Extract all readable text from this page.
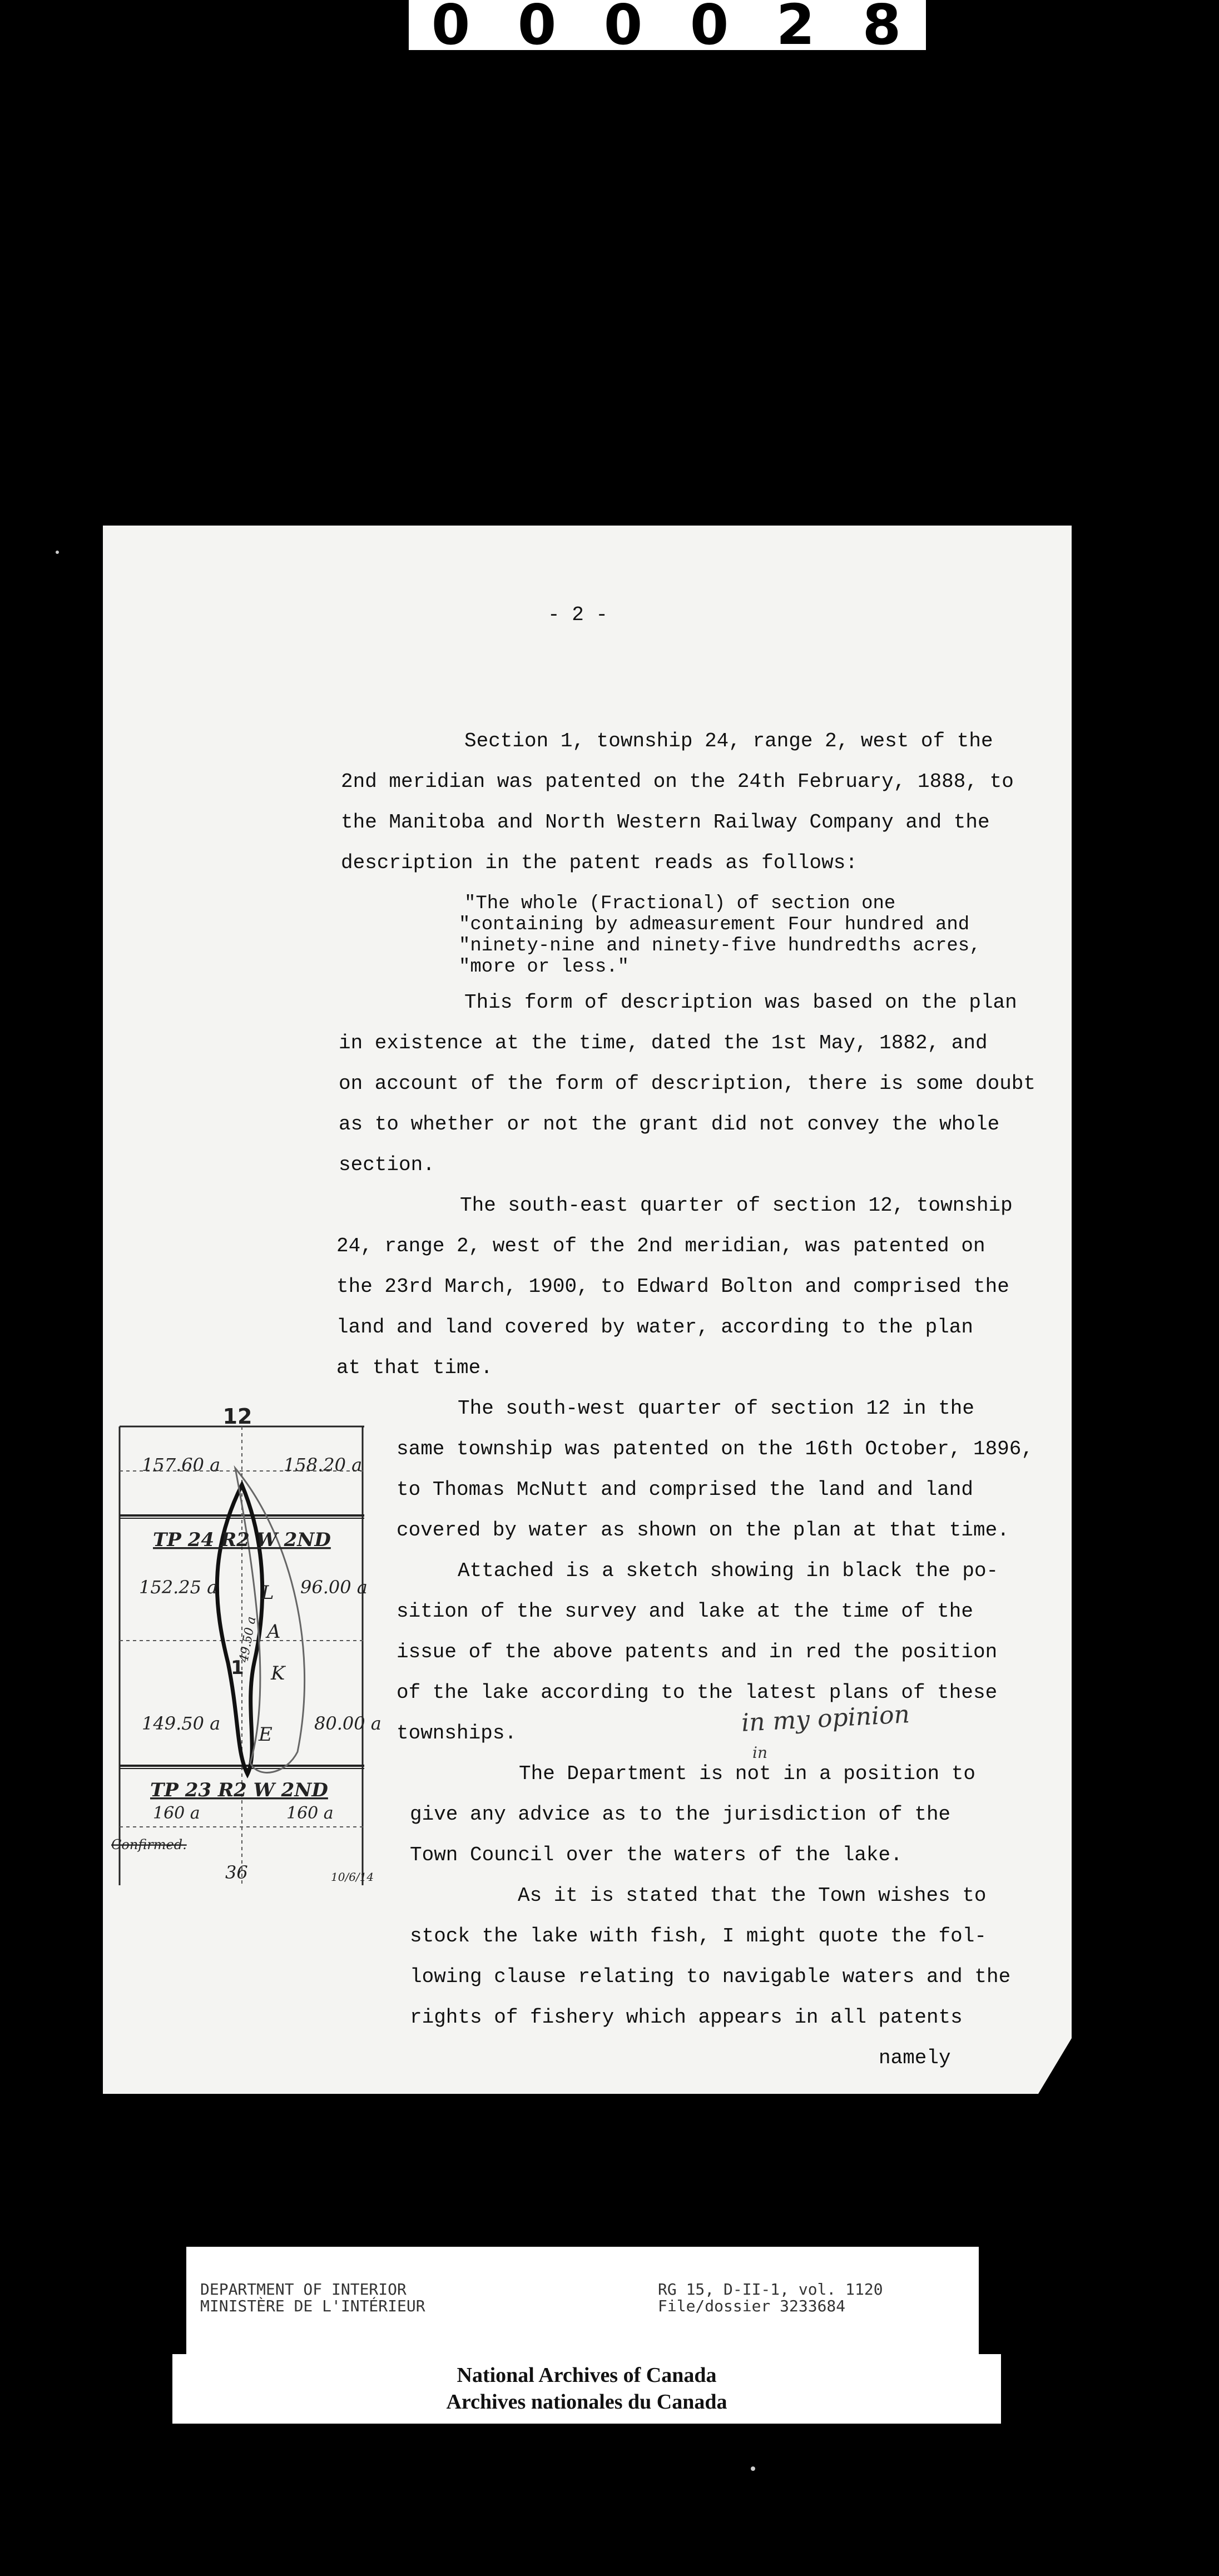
0 0 0 0 2 8
- 2 -
Section 1, township 24, range 2, west of the
2nd meridian was patented on the 24th February, 1888, to
the Manitoba and North Western Railway Company and the
description in the patent reads as follows:
"The whole (Fractional) of section one
"containing by admeasurement Four hundred and
"ninety-nine and ninety-five hundredths acres,
"more or less."
This form of description was based on the plan
in existence at the time, dated the 1st May, 1882, and
on account of the form of description, there is some doubt
as to whether or not the grant did not convey the whole
section.
The south-east quarter of section 12, township
24, range 2, west of the 2nd meridian, was patented on
the 23rd March, 1900, to Edward Bolton and comprised the
land and land covered by water, according to the plan
at that time.
The south-west quarter of section 12 in the
same township was patented on the 16th October, 1896,
to Thomas McNutt and comprised the land and land
covered by water as shown on the plan at that time.
Attached is a sketch showing in black the po-
sition of the survey and lake at the time of the
issue of the above patents and in red the position
of the lake according to the latest plans of these
townships.	in my opinion
The Department is not in a position to
in
give any advice as to the jurisdiction of the
Town Council over the waters of the lake.
As it is stated that the Town wishes to
stock the lake with fish, I might quote the fol-
lowing clause relating to navigable waters and the
rights of fishery which appears in all patents
namely
12
157.60 a	158.20 a
TP 24 R2 W 2ND
152.25 a	96.00 a
1
49.50 a
L
A
K
E
149.50 a	80.00 a
TP 23 R2 W 2ND
160 a	160 a
Confirmed.
36	10/6/14
DEPARTMENT OF INTERIOR
MINISTÈRE DE L'INTÉRIEUR
RG 15, D-II-1, vol. 1120
File/dossier 3233684
National Archives of Canada
Archives nationales du Canada
